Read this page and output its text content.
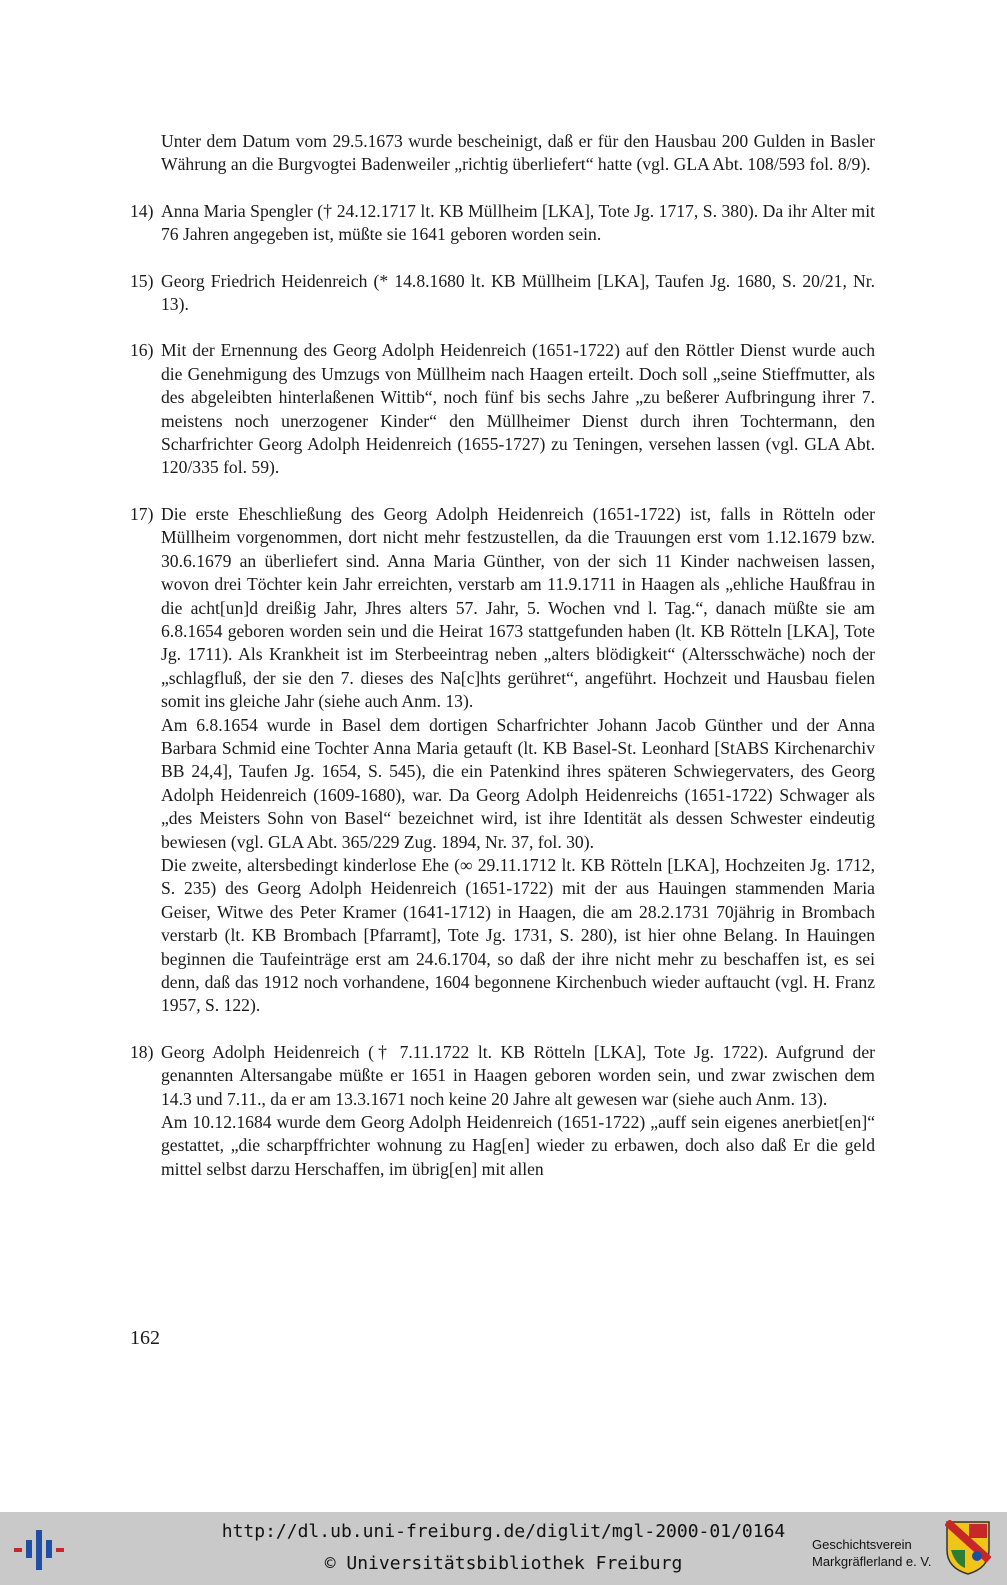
Unter dem Datum vom 29.5.1673 wurde bescheinigt, daß er für den Hausbau 200 Gulden in Basler Währung an die Burgvogtei Badenweiler „richtig überliefert“ hatte (vgl. GLA Abt. 108/593 fol. 8/9).

14) Anna Maria Spengler († 24.12.1717 lt. KB Müllheim [LKA], Tote Jg. 1717, S. 380). Da ihr Alter mit 76 Jahren angegeben ist, müßte sie 1641 geboren worden sein.

15) Georg Friedrich Heidenreich (* 14.8.1680 lt. KB Müllheim [LKA], Taufen Jg. 1680, S. 20/21, Nr. 13).

16) Mit der Ernennung des Georg Adolph Heidenreich (1651-1722) auf den Röttler Dienst wurde auch die Genehmigung des Umzugs von Müllheim nach Haagen erteilt. Doch soll „seine Stieffmutter, als des abgeleibten hinterlaßenen Wittib“, noch fünf bis sechs Jahre „zu beßerer Aufbringung ihrer 7. meistens noch unerzogener Kinder“ den Müllheimer Dienst durch ihren Tochtermann, den Scharfrichter Georg Adolph Heidenreich (1655-1727) zu Teningen, versehen lassen (vgl. GLA Abt. 120/335 fol. 59).

17) Die erste Eheschließung des Georg Adolph Heidenreich (1651-1722) ist, falls in Rötteln oder Müllheim vorgenommen, dort nicht mehr festzustellen, da die Trauungen erst vom 1.12.1679 bzw. 30.6.1679 an überliefert sind. Anna Maria Günther, von der sich 11 Kinder nachweisen lassen, wovon drei Töchter kein Jahr erreichten, verstarb am 11.9.1711 in Haagen als „ehliche Haußfrau in die acht[un]d dreißig Jahr, Jhres alters 57. Jahr, 5. Wochen vnd l. Tag.“, danach müßte sie am 6.8.1654 geboren worden sein und die Heirat 1673 stattgefunden haben (lt. KB Rötteln [LKA], Tote Jg. 1711). Als Krankheit ist im Sterbeeintrag neben „alters blödigkeit“ (Altersschwäche) noch der „schlagfluß, der sie den 7. dieses des Na[c]hts gerühret“, angeführt. Hochzeit und Hausbau fielen somit ins gleiche Jahr (siehe auch Anm. 13).

Am 6.8.1654 wurde in Basel dem dortigen Scharfrichter Johann Jacob Günther und der Anna Barbara Schmid eine Tochter Anna Maria getauft (lt. KB Basel-St. Leonhard [StABS Kirchenarchiv BB 24,4], Taufen Jg. 1654, S. 545), die ein Patenkind ihres späteren Schwiegervaters, des Georg Adolph Heidenreich (1609-1680), war. Da Georg Adolph Heidenreichs (1651-1722) Schwager als „des Meisters Sohn von Basel“ bezeichnet wird, ist ihre Identität als dessen Schwester eindeutig bewiesen (vgl. GLA Abt. 365/229 Zug. 1894, Nr. 37, fol. 30).

Die zweite, altersbedingt kinderlose Ehe (∞ 29.11.1712 lt. KB Rötteln [LKA], Hochzeiten Jg. 1712, S. 235) des Georg Adolph Heidenreich (1651-1722) mit der aus Hauingen stammenden Maria Geiser, Witwe des Peter Kramer (1641-1712) in Haagen, die am 28.2.1731 70jährig in Brombach verstarb (lt. KB Brombach [Pfarramt], Tote Jg. 1731, S. 280), ist hier ohne Belang. In Hauingen beginnen die Taufeinträge erst am 24.6.1704, so daß der ihre nicht mehr zu beschaffen ist, es sei denn, daß das 1912 noch vorhandene, 1604 begonnene Kirchenbuch wieder auftaucht (vgl. H. Franz 1957, S. 122).

18) Georg Adolph Heidenreich († 7.11.1722 lt. KB Rötteln [LKA], Tote Jg. 1722). Aufgrund der genannten Altersangabe müßte er 1651 in Haagen geboren worden sein, und zwar zwischen dem 14.3 und 7.11., da er am 13.3.1671 noch keine 20 Jahre alt gewesen war (siehe auch Anm. 13).

Am 10.12.1684 wurde dem Georg Adolph Heidenreich (1651-1722) „auff sein eigenes anerbiet[en]“ gestattet, „die scharpffrichter wohnung zu Hag[en] wieder zu erbawen, doch also daß Er die geld mittel selbst darzu Herschaffen, im übrig[en] mit allen

162
http://dl.ub.uni-freiburg.de/diglit/mgl-2000-01/0164
© Universitätsbibliothek Freiburg
Geschichtsverein
Markgräflerland e. V.
